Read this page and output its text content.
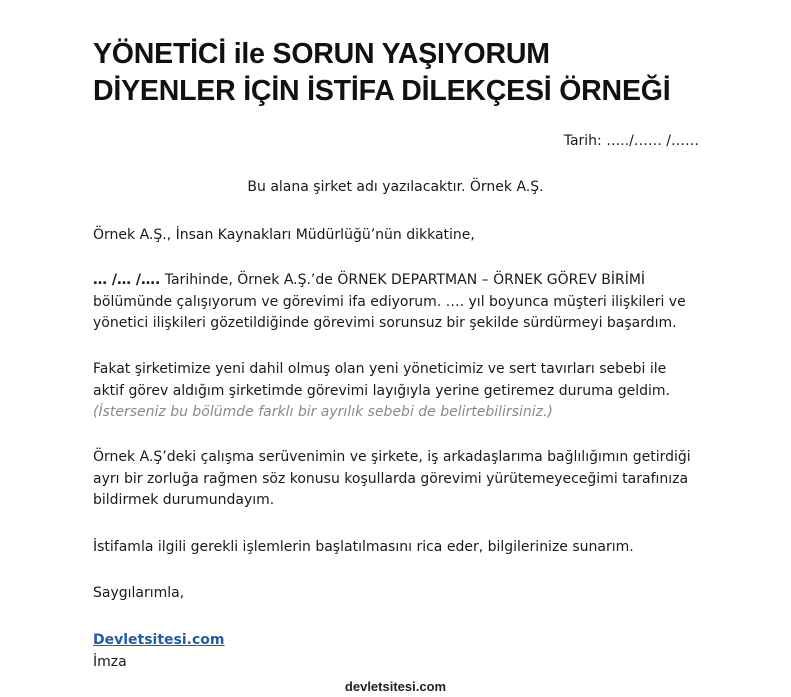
YÖNETİCİ ile SORUN YAŞIYORUM
DİYENLER İÇİN İSTİFA DİLEKÇESİ ÖRNEĞİ
Tarih: …../…… /……
Bu alana şirket adı yazılacaktır. Örnek A.Ş.
Örnek A.Ş., İnsan Kaynakları Müdürlüğü’nün dikkatine,
… /… /…. Tarihinde, Örnek A.Ş.’de ÖRNEK DEPARTMAN – ÖRNEK GÖREV BİRİMİ
bölümünde çalışıyorum ve görevimi ifa ediyorum. …. yıl boyunca müşteri ilişkileri ve
yönetici ilişkileri gözetildiğinde görevimi sorunsuz bir şekilde sürdürmeyi başardım.
Fakat şirketimize yeni dahil olmuş olan yeni yöneticimiz ve sert tavırları sebebi ile
aktif görev aldığım şirketimde görevimi layığıyla yerine getiremez duruma geldim.
(İsterseniz bu bölümde farklı bir ayrılık sebebi de belirtebilirsiniz.)
Örnek A.Ş’deki çalışma serüvenimin ve şirkete, iş arkadaşlarıma bağlılığımın getirdiği
ayrı bir zorluğa rağmen söz konusu koşullarda görevimi yürütemeyeceğimi tarafınıza
bildirmek durumundayım.
İstifamla ilgili gerekli işlemlerin başlatılmasını rica eder, bilgilerinize sunarım.
Saygılarımla,
Devletsitesi.com
İmza
devletsitesi.com
